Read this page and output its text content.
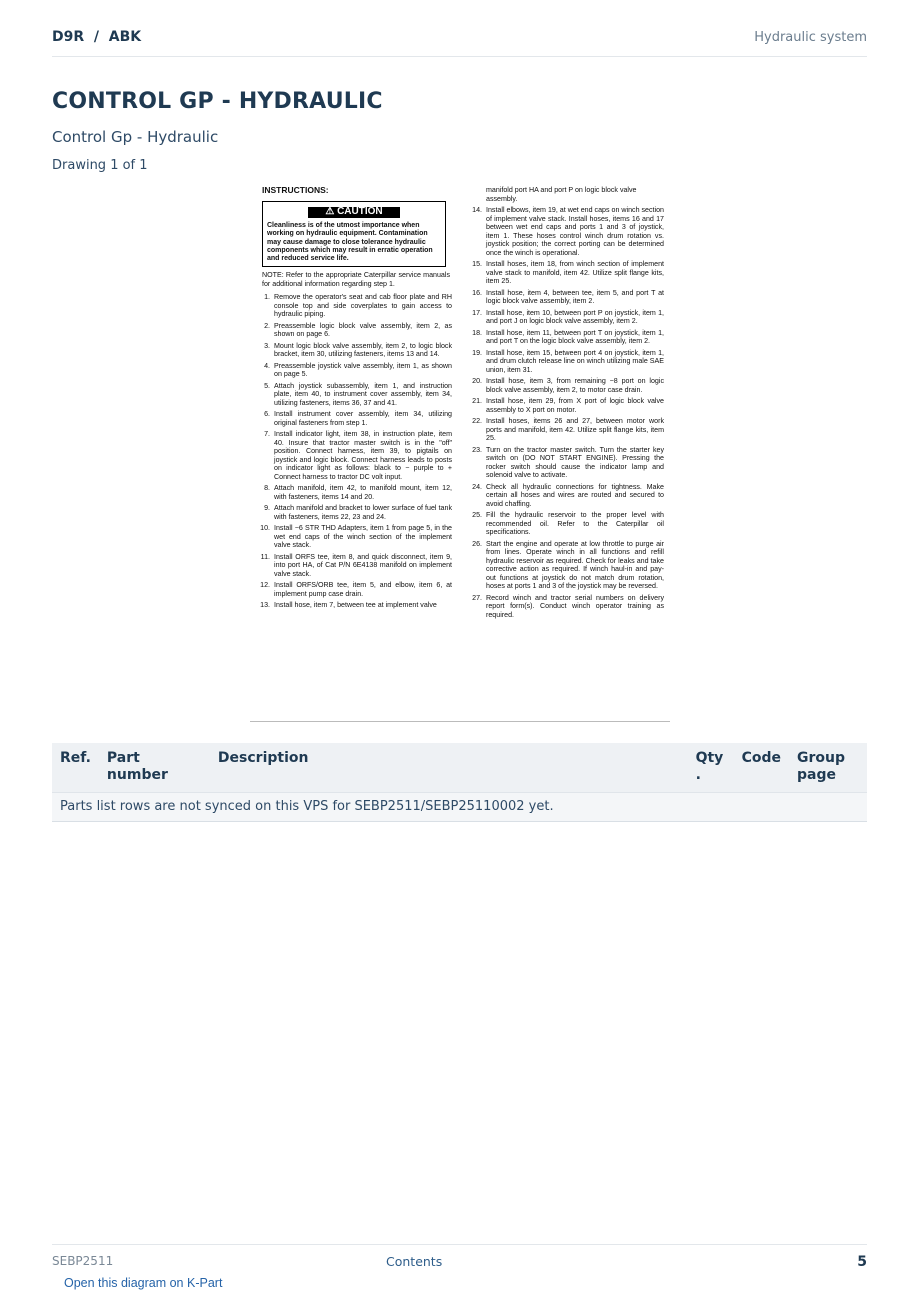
D9R  /  ABK	Hydraulic system
CONTROL GP - HYDRAULIC
Control Gp - Hydraulic
Drawing 1 of 1
INSTRUCTIONS:
⚠ CAUTION
Cleanliness is of the utmost importance when working on hydraulic equipment. Contamination may cause damage to close tolerance hydraulic components which may result in erratic operation and reduced service life.
NOTE: Refer to the appropriate Caterpillar service manuals for additional information regarding step 1.
1. Remove the operator's seat and cab floor plate and RH console top and side coverplates to gain access to hydraulic piping.
2. Preassemble logic block valve assembly, item 2, as shown on page 6.
3. Mount logic block valve assembly, item 2, to logic block bracket, item 30, utilizing fasteners, items 13 and 14.
4. Preassemble joystick valve assembly, item 1, as shown on page 5.
5. Attach joystick subassembly, item 1, and instruction plate, item 40, to instrument cover assembly, item 34, utilizing fasteners, items 36, 37 and 41.
6. Install instrument cover assembly, item 34, utilizing original fasteners from step 1.
7. Install indicator light, item 38, in instruction plate, item 40. Insure that tractor master switch is in the "off" position. Connect harness, item 39, to pigtails on joystick and logic block. Connect harness leads to posts on indicator light as follows: black to − purple to + Connect harness to tractor DC volt input.
8. Attach manifold, item 42, to manifold mount, item 12, with fasteners, items 14 and 20.
9. Attach manifold and bracket to lower surface of fuel tank with fasteners, items 22, 23 and 24.
10. Install −6 STR THD Adapters, item 1 from page 5, in the wet end caps of the winch section of the implement valve stack.
11. Install ORFS tee, item 8, and quick disconnect, item 9, into port HA, of Cat P/N 6E4138 manifold on implement valve stack.
12. Install ORFS/ORB tee, item 5, and elbow, item 6, at implement pump case drain.
13. Install hose, item 7, between tee at implement valve
manifold port HA and port P on logic block valve assembly.
14. Install elbows, item 19, at wet end caps on winch section of implement valve stack. Install hoses, items 16 and 17 between wet end caps and ports 1 and 3 of joystick, item 1. These hoses control winch drum rotation vs. joystick position; the correct porting can be determined once the winch is operational.
15. Install hoses, item 18, from winch section of implement valve stack to manifold, item 42. Utilize split flange kits, item 25.
16. Install hose, item 4, between tee, item 5, and port T at logic block valve assembly, item 2.
17. Install hose, item 10, between port P on joystick, item 1, and port J on logic block valve assembly, item 2.
18. Install hose, item 11, between port T on joystick, item 1, and port T on the logic block valve assembly, item 2.
19. Install hose, item 15, between port 4 on joystick, item 1, and drum clutch release line on winch utilizing male SAE union, item 31.
20. Install hose, item 3, from remaining −8 port on logic block valve assembly, item 2, to motor case drain.
21. Install hose, item 29, from X port of logic block valve assembly to X port on motor.
22. Install hoses, items 26 and 27, between motor work ports and manifold, item 42. Utilize split flange kits, item 25.
23. Turn on the tractor master switch. Turn the starter key switch on (DO NOT START ENGINE). Pressing the rocker switch should cause the indicator lamp and solenoid valve to activate.
24. Check all hydraulic connections for tightness. Make certain all hoses and wires are routed and secured to avoid chaffing.
25. Fill the hydraulic reservoir to the proper level with recommended oil. Refer to the Caterpillar oil specifications.
26. Start the engine and operate at low throttle to purge air from lines. Operate winch in all functions and refill hydraulic reservoir as required. Check for leaks and take corrective action as required. If winch haul-in and pay-out functions at joystick do not match drum rotation, hoses at ports 1 and 3 of the joystick may be reversed.
27. Record winch and tractor serial numbers on delivery report form(s). Conduct winch operator training as required.
Ref.	Part number	Description	Qty .	Code	Group page
Parts list rows are not synced on this VPS for SEBP2511/SEBP25110002 yet.
SEBP2511	Contents	5
Open this diagram on K-Part
